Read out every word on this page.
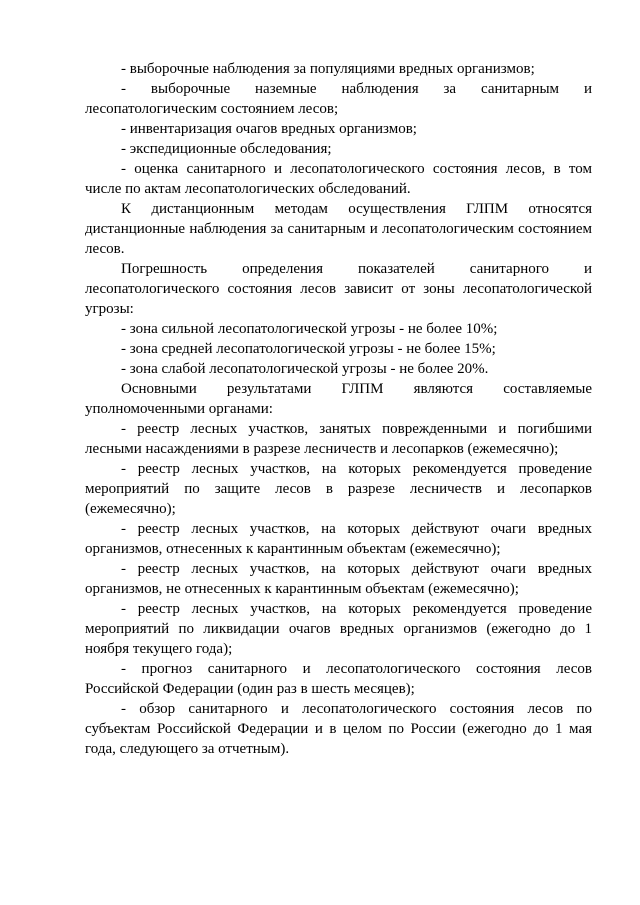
- выборочные наблюдения за популяциями вредных организмов;

- выборочные наземные наблюдения за санитарным и лесопатологическим состоянием лесов;

- инвентаризация очагов вредных организмов;

- экспедиционные обследования;

- оценка санитарного и лесопатологического состояния лесов, в том числе по актам лесопатологических обследований.

К дистанционным методам осуществления ГЛПМ относятся дистанционные наблюдения за санитарным и лесопатологическим состоянием лесов.

Погрешность определения показателей санитарного и лесопатологического состояния лесов зависит от зоны лесопатологической угрозы:

- зона сильной лесопатологической угрозы - не более 10%;

- зона средней лесопатологической угрозы - не более 15%;

- зона слабой лесопатологической угрозы - не более 20%.

Основными результатами ГЛПМ являются составляемые уполномоченными органами:

- реестр лесных участков, занятых поврежденными и погибшими лесными насаждениями в разрезе лесничеств и лесопарков (ежемесячно);

- реестр лесных участков, на которых рекомендуется проведение мероприятий по защите лесов в разрезе лесничеств и лесопарков (ежемесячно);

- реестр лесных участков, на которых действуют очаги вредных организмов, отнесенных к карантинным объектам (ежемесячно);

- реестр лесных участков, на которых действуют очаги вредных организмов, не отнесенных к карантинным объектам (ежемесячно);

- реестр лесных участков, на которых рекомендуется проведение мероприятий по ликвидации очагов вредных организмов (ежегодно до 1 ноября текущего года);

- прогноз санитарного и лесопатологического состояния лесов Российской Федерации (один раз в шесть месяцев);

- обзор санитарного и лесопатологического состояния лесов по субъектам Российской Федерации и в целом по России (ежегодно до 1 мая года, следующего за отчетным).
